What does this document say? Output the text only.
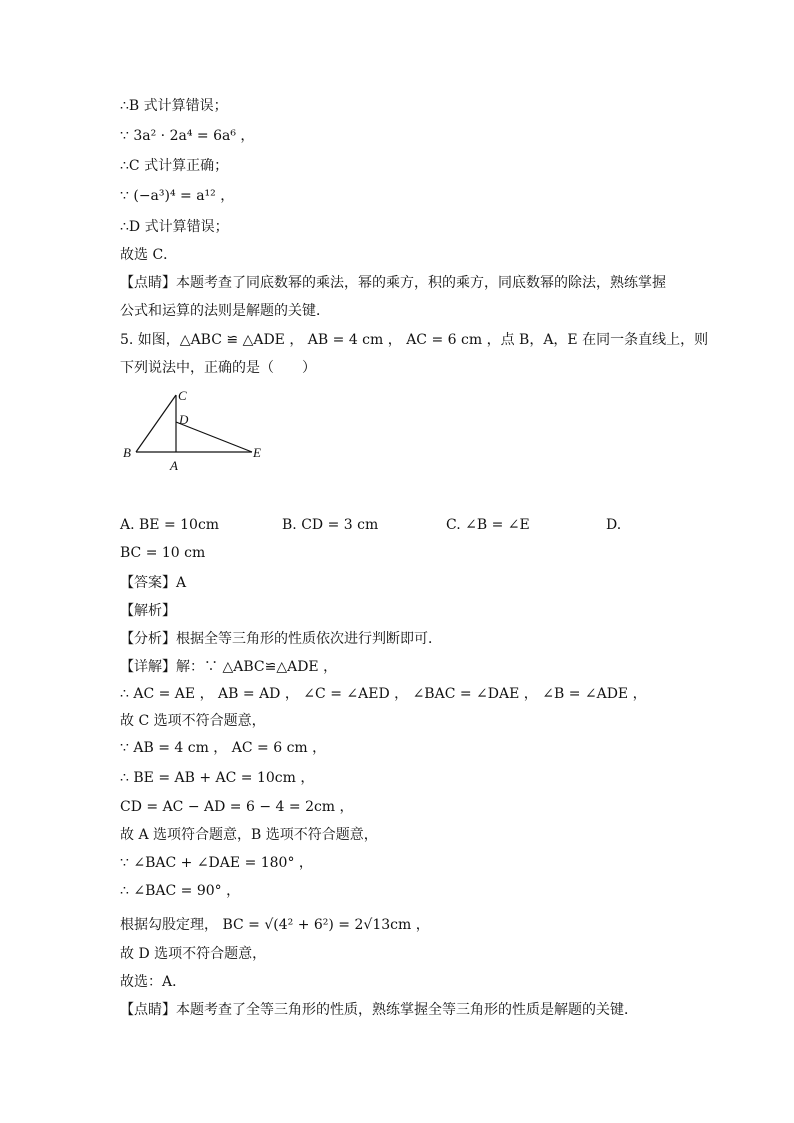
∴B 式计算错误；
∵ 3a² · 2a⁴ = 6a⁶ ，
∴C 式计算正确；
∵ (−a³)⁴ = a¹² ，
∴D 式计算错误；
故选 C．
【点睛】本题考查了同底数幂的乘法，幂的乘方，积的乘方，同底数幂的除法，熟练掌握
公式和运算的法则是解题的关键．
5. 如图，△ABC ≌ △ADE ， AB = 4 cm ， AC = 6 cm ，点 B，A，E 在同一条直线上，则
下列说法中，正确的是（　　）
C
D
B
A
E
A. BE = 10cm	B. CD = 3 cm	C. ∠B = ∠E	D.
BC = 10 cm
【答案】A
【解析】
【分析】根据全等三角形的性质依次进行判断即可．
【详解】解：∵ △ABC≌△ADE ，
∴ AC = AE ， AB = AD ， ∠C = ∠AED ， ∠BAC = ∠DAE ， ∠B = ∠ADE ，
故 C 选项不符合题意，
∵ AB = 4 cm ， AC = 6 cm ，
∴ BE = AB + AC = 10cm ，
CD = AC − AD = 6 − 4 = 2cm ，
故 A 选项符合题意，B 选项不符合题意，
∵ ∠BAC + ∠DAE = 180° ，
∴ ∠BAC = 90° ，
根据勾股定理， BC = √(4² + 6²) = 2√13cm ，
故 D 选项不符合题意，
故选：A．
【点睛】本题考查了全等三角形的性质，熟练掌握全等三角形的性质是解题的关键．
